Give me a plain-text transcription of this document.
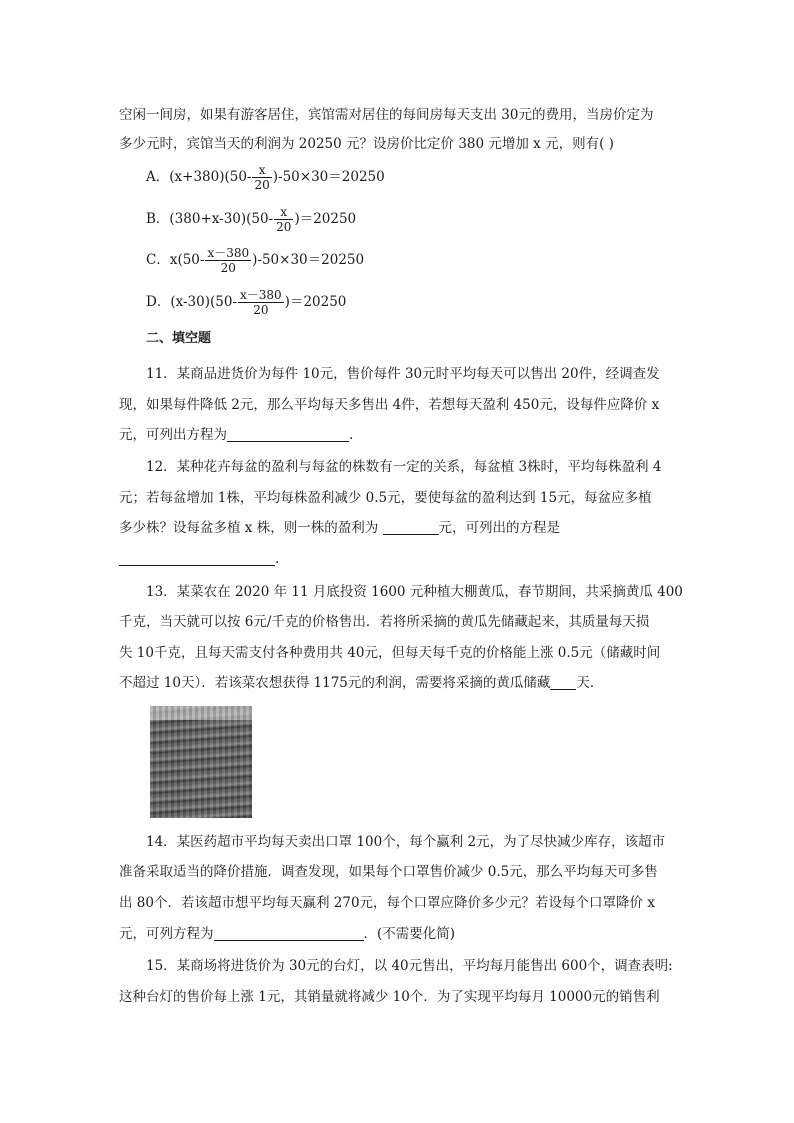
空闲一间房，如果有游客居住，宾馆需对居住的每间房每天支出 30元的费用，当房价定为
多少元时，宾馆当天的利润为 20250 元？设房价比定价 380 元增加 x 元，则有( )
A．$(x+380)(50- \frac{x}{20} )-50\times 30=20250$
B．$(380+x-30)(50- \frac{x}{20} )=20250$
C．$x(50- \frac{x-380}{20} )-50\times 30=20250$
D．$(x-30)(50- \frac{x-380}{20} )=20250$
二、填空题
11．某商品进货价为每件 10元，售价每件 30元时平均每天可以售出 20件，经调查发
现，如果每件降低 2元，那么平均每天多售出 4件，若想每天盈利 450元，设每件应降价 x
元，可列出方程为	.
12．某种花卉每盆的盈利与每盆的株数有一定的关系，每盆植 3株时，平均每株盈利 4
元；若每盆增加 1株，平均每株盈利减少 0.5元，要使每盆的盈利达到 15元，每盆应多植
多少株？设每盆多植 x 株，则一株的盈利为	元，可列出的方程是
.
13．某菜农在 2020 年 11 月底投资 1600 元种植大棚黄瓜，春节期间，共采摘黄瓜 400
千克，当天就可以按 6元/千克的价格售出．若将所采摘的黄瓜先储藏起来，其质量每天损
失 10千克，且每天需支付各种费用共 40元，但每天每千克的价格能上涨 0.5元（储藏时间
不超过 10天）．若该菜农想获得 1175元的利润，需要将采摘的黄瓜储藏 天．
14．某医药超市平均每天卖出口罩 100个，每个赢利 2元，为了尽快减少库存，该超市
准备采取适当的降价措施．调查发现，如果每个口罩售价减少 0.5元，那么平均每天可多售
出 80个．若该超市想平均每天赢利 270元，每个口罩应降价多少元？若设每个口罩降价 x
元，可列方程为	．(不需要化简)
15．某商场将进货价为 30元的台灯，以 40元售出，平均每月能售出 600个，调查表明:
这种台灯的售价每上涨 1元，其销量就将减少 10个．为了实现平均每月 10000元的销售利
